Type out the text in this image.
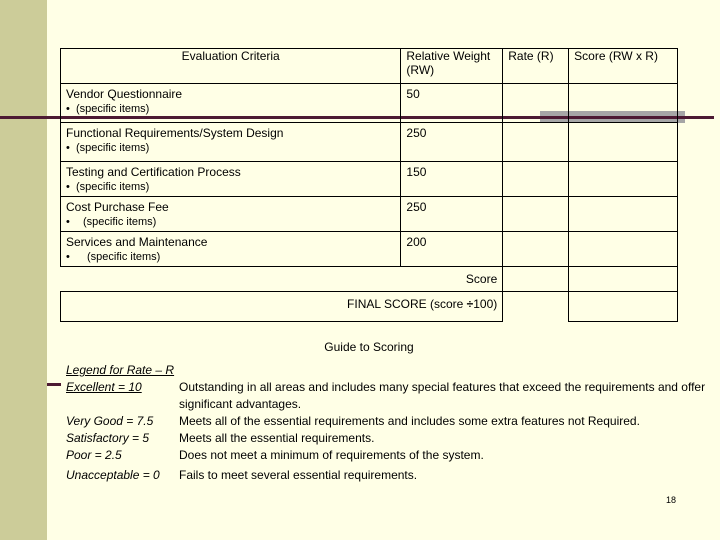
Evaluation Criteria	Relative Weight (RW)	Rate (R)	Score (RW x R)

Vendor Questionnaire
• (specific items)	50		

Functional Requirements/System Design
• (specific items)	250		

Testing and Certification Process
• (specific items)	150		

Cost Purchase Fee
• (specific items)	250		

Services and Maintenance
• (specific items)	200		

Score			
FINAL SCORE (score ÷100)			
Guide to Scoring
Legend for Rate – R
Excellent = 10	Outstanding in all areas and includes many special features that exceed the requirements and offer significant advantages.
Very Good = 7.5	Meets all of the essential requirements and includes some extra features not Required.
Satisfactory = 5	Meets all the essential requirements.
Poor = 2.5	Does not meet a minimum of requirements of the system.
Unacceptable = 0	Fails to meet several essential requirements.
18
